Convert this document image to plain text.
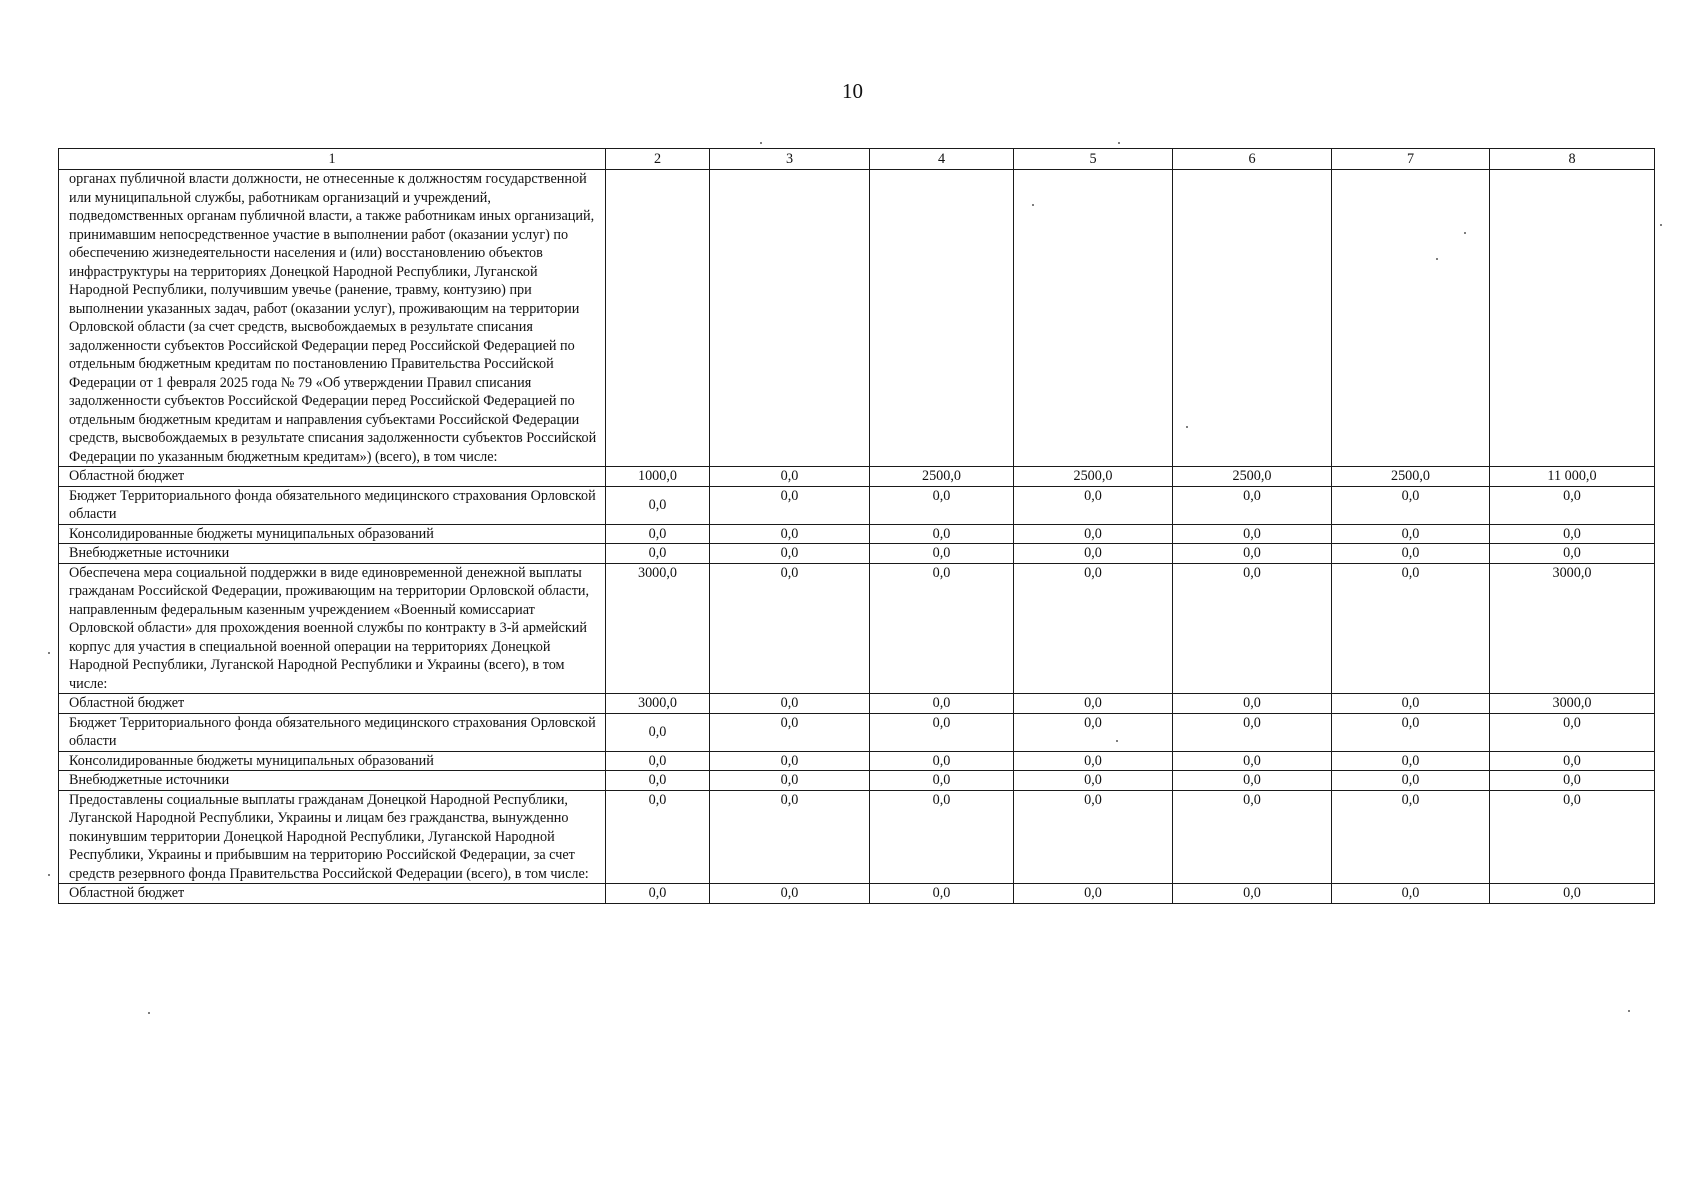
10
1	2	3	4	5	6	7	8
органах публичной власти должности, не отнесенные к должностям государственной или муниципальной службы, работникам организаций и учреждений, подведомственных органам публичной власти, а также работникам иных организаций, принимавшим непосредственное участие в выполнении работ (оказании услуг) по обеспечению жизнедеятельности населения и (или) восстановлению объектов инфраструктуры на территориях Донецкой Народной Республики, Луганской Народной Республики, получившим увечье (ранение, травму, контузию) при выполнении указанных задач, работ (оказании услуг), проживающим на территории Орловской области (за счет средств, высвобождаемых в результате списания задолженности субъектов Российской Федерации перед Российской Федерацией по отдельным бюджетным кредитам по постановлению Правительства Российской Федерации от 1 февраля 2025 года № 79 «Об утверждении Правил списания задолженности субъектов Российской Федерации перед Российской Федерацией по отдельным бюджетным кредитам и направления субъектами Российской Федерации средств, высвобождаемых в результате списания задолженности субъектов Российской Федерации по указанным бюджетным кредитам») (всего), в том числе:							
Областной бюджет	1000,0	0,0	2500,0	2500,0	2500,0	2500,0	11 000,0
Бюджет Территориального фонда обязательного медицинского страхования Орловской области	0,0	0,0	0,0	0,0	0,0	0,0	0,0
Консолидированные бюджеты муниципальных образований	0,0	0,0	0,0	0,0	0,0	0,0	0,0
Внебюджетные источники	0,0	0,0	0,0	0,0	0,0	0,0	0,0
Обеспечена мера социальной поддержки в виде единовременной денежной выплаты гражданам Российской Федерации, проживающим на территории Орловской области, направленным федеральным казенным учреждением «Военный комиссариат Орловской области» для прохождения военной службы по контракту в 3-й армейский корпус для участия в специальной военной операции на территориях Донецкой Народной Республики, Луганской Народной Республики и Украины (всего), в том числе:	3000,0	0,0	0,0	0,0	0,0	0,0	3000,0
Областной бюджет	3000,0	0,0	0,0	0,0	0,0	0,0	3000,0
Бюджет Территориального фонда обязательного медицинского страхования Орловской области	0,0	0,0	0,0	0,0	0,0	0,0	0,0
Консолидированные бюджеты муниципальных образований	0,0	0,0	0,0	0,0	0,0	0,0	0,0
Внебюджетные источники	0,0	0,0	0,0	0,0	0,0	0,0	0,0
Предоставлены социальные выплаты гражданам Донецкой Народной Республики, Луганской Народной Республики, Украины и лицам без гражданства, вынужденно покинувшим территории Донецкой Народной Республики, Луганской Народной Республики, Украины и прибывшим на территорию Российской Федерации, за счет средств резервного фонда Правительства Российской Федерации (всего), в том числе:	0,0	0,0	0,0	0,0	0,0	0,0	0,0
Областной бюджет	0,0	0,0	0,0	0,0	0,0	0,0	0,0
